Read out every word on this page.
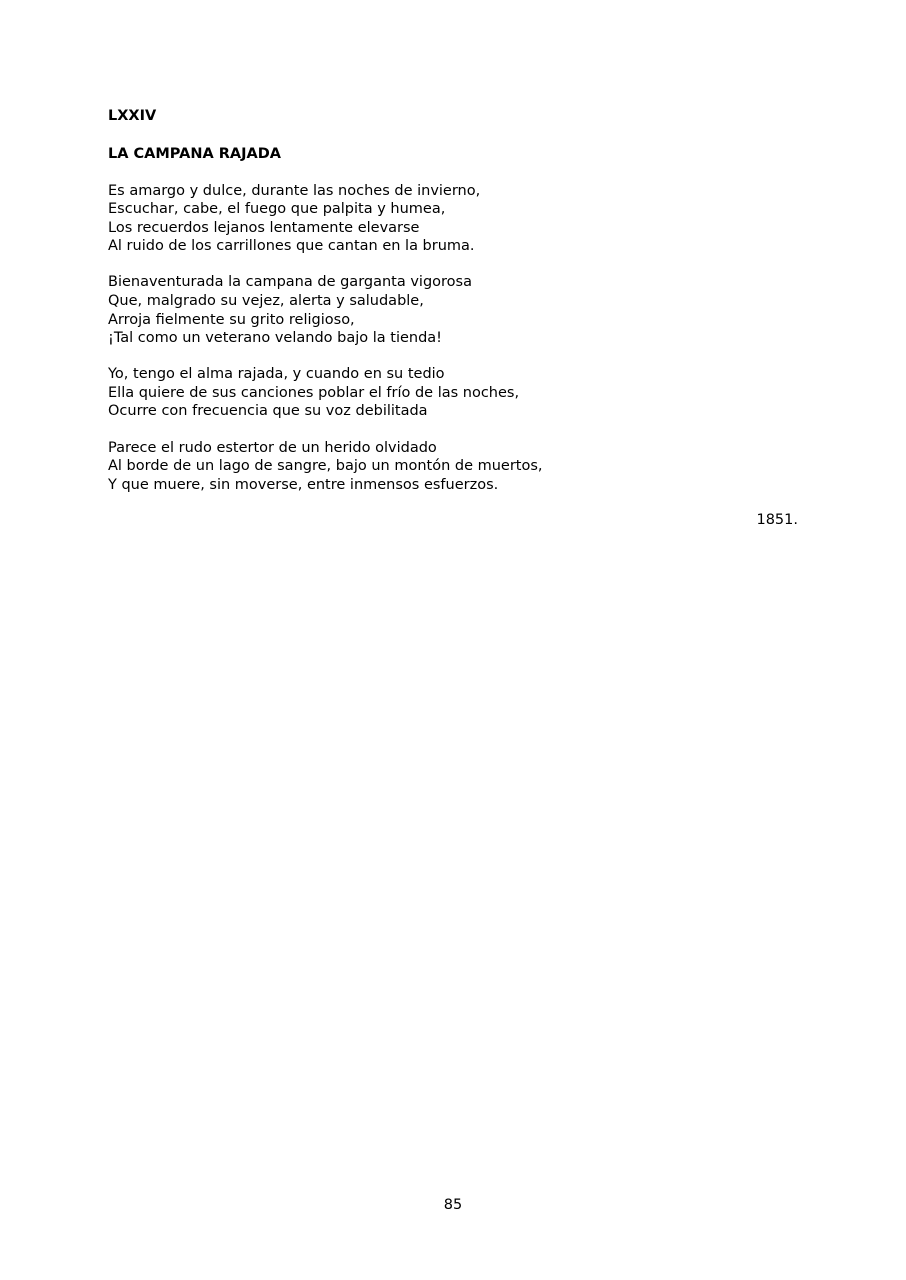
LXXIV
LA CAMPANA RAJADA
Es amargo y dulce, durante las noches de invierno,
Escuchar, cabe, el fuego que palpita y humea,
Los recuerdos lejanos lentamente elevarse
Al ruido de los carrillones que cantan en la bruma.
Bienaventurada la campana de garganta vigorosa
Que, malgrado su vejez, alerta y saludable,
Arroja fielmente su grito religioso,
¡Tal como un veterano velando bajo la tienda!
Yo, tengo el alma rajada, y cuando en su tedio
Ella quiere de sus canciones poblar el frío de las noches,
Ocurre con frecuencia que su voz debilitada
Parece el rudo estertor de un herido olvidado
Al borde de un lago de sangre, bajo un montón de muertos,
Y que muere, sin moverse, entre inmensos esfuerzos.
1851.
85
